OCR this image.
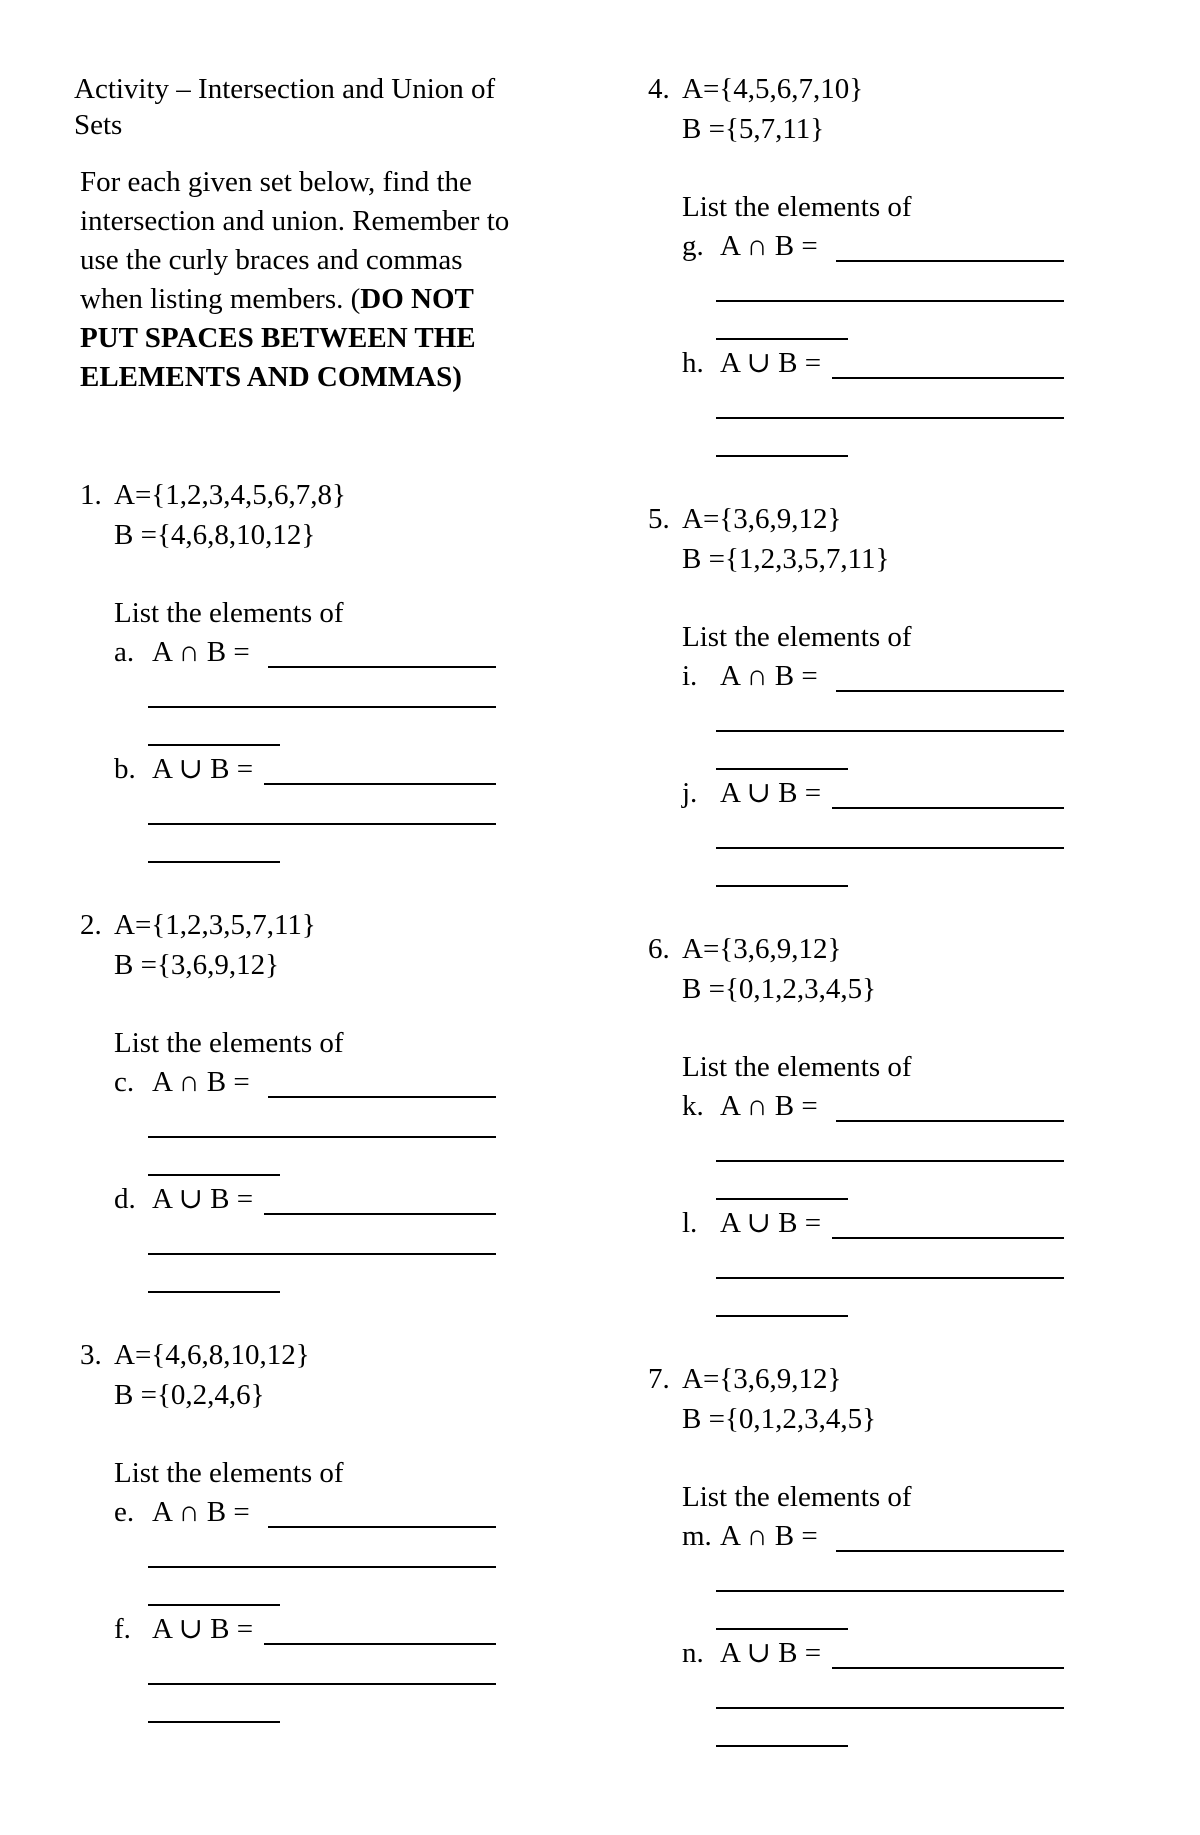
Activity – Intersection and Union of
Sets
For each given set below, find the
intersection and union. Remember to
use the curly braces and commas
when listing members. (DO NOT
PUT SPACES BETWEEN THE
ELEMENTS AND COMMAS)
1. A={1,2,3,4,5,6,7,8}
B ={4,6,8,10,12}
List the elements of
a. A ∩ B =
b. A ∪ B =
2. A={1,2,3,5,7,11}
B ={3,6,9,12}
List the elements of
c. A ∩ B =
d. A ∪ B =
3. A={4,6,8,10,12}
B ={0,2,4,6}
List the elements of
e. A ∩ B =
f. A ∪ B =
4. A={4,5,6,7,10}
B ={5,7,11}
List the elements of
g. A ∩ B =
h. A ∪ B =
5. A={3,6,9,12}
B ={1,2,3,5,7,11}
List the elements of
i. A ∩ B =
j. A ∪ B =
6. A={3,6,9,12}
B ={0,1,2,3,4,5}
List the elements of
k. A ∩ B =
l. A ∪ B =
7. A={3,6,9,12}
B ={0,1,2,3,4,5}
List the elements of
m. A ∩ B =
n. A ∪ B =
